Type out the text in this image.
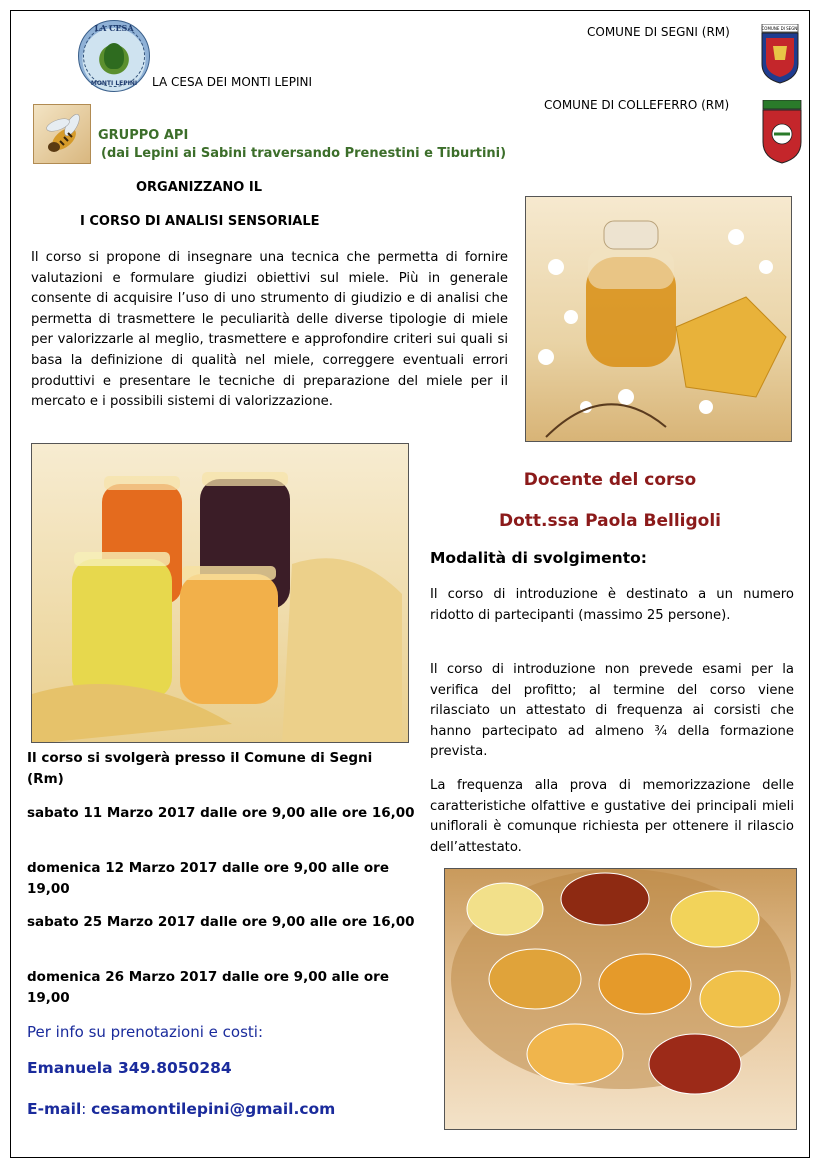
LA CESA
MONTI LEPINI	LA CESA DEI MONTI LEPINI
COMUNE DI SEGNI (RM)	COMUNE DI SEGNI
COMUNE DI COLLEFERRO (RM)
GRUPPO API
(dai Lepini ai Sabini traversando Prenestini e Tiburtini)
ORGANIZZANO IL
I CORSO DI ANALISI SENSORIALE
Il corso si propone di insegnare una tecnica che permetta di fornire valutazioni e formulare giudizi obiettivi sul miele. Più in generale consente di acquisire l’uso di uno strumento di giudizio e di analisi che permetta di trasmettere le peculiarità delle diverse tipologie di miele per valorizzarle al meglio, trasmettere e approfondire criteri sui quali si basa la definizione di qualità nel miele, correggere eventuali errori produttivi e presentare le tecniche di preparazione del miele per il mercato e i possibili sistemi di valorizzazione.
Docente del corso
Dott.ssa Paola Belligoli
Modalità di svolgimento:
Il corso di introduzione è destinato a un numero ridotto di partecipanti (massimo 25 persone).
Il corso di introduzione non prevede esami per la verifica del profitto; al termine del corso viene rilasciato un attestato di frequenza ai corsisti che hanno partecipato ad almeno ¾ della formazione prevista.
La frequenza alla prova di memorizzazione delle caratteristiche olfattive e gustative dei principali mieli uniflorali è comunque richiesta per ottenere il rilascio dell’attestato.
Il corso si svolgerà presso il Comune di Segni (Rm)
sabato 11 Marzo 2017 dalle ore 9,00 alle ore 16,00
domenica 12 Marzo 2017 dalle ore 9,00 alle ore 19,00
sabato 25 Marzo 2017 dalle ore 9,00 alle ore 16,00
domenica 26 Marzo 2017 dalle ore 9,00 alle ore 19,00
Per info su prenotazioni e costi:
Emanuela 349.8050284
E-mail: cesamontilepini@gmail.com
